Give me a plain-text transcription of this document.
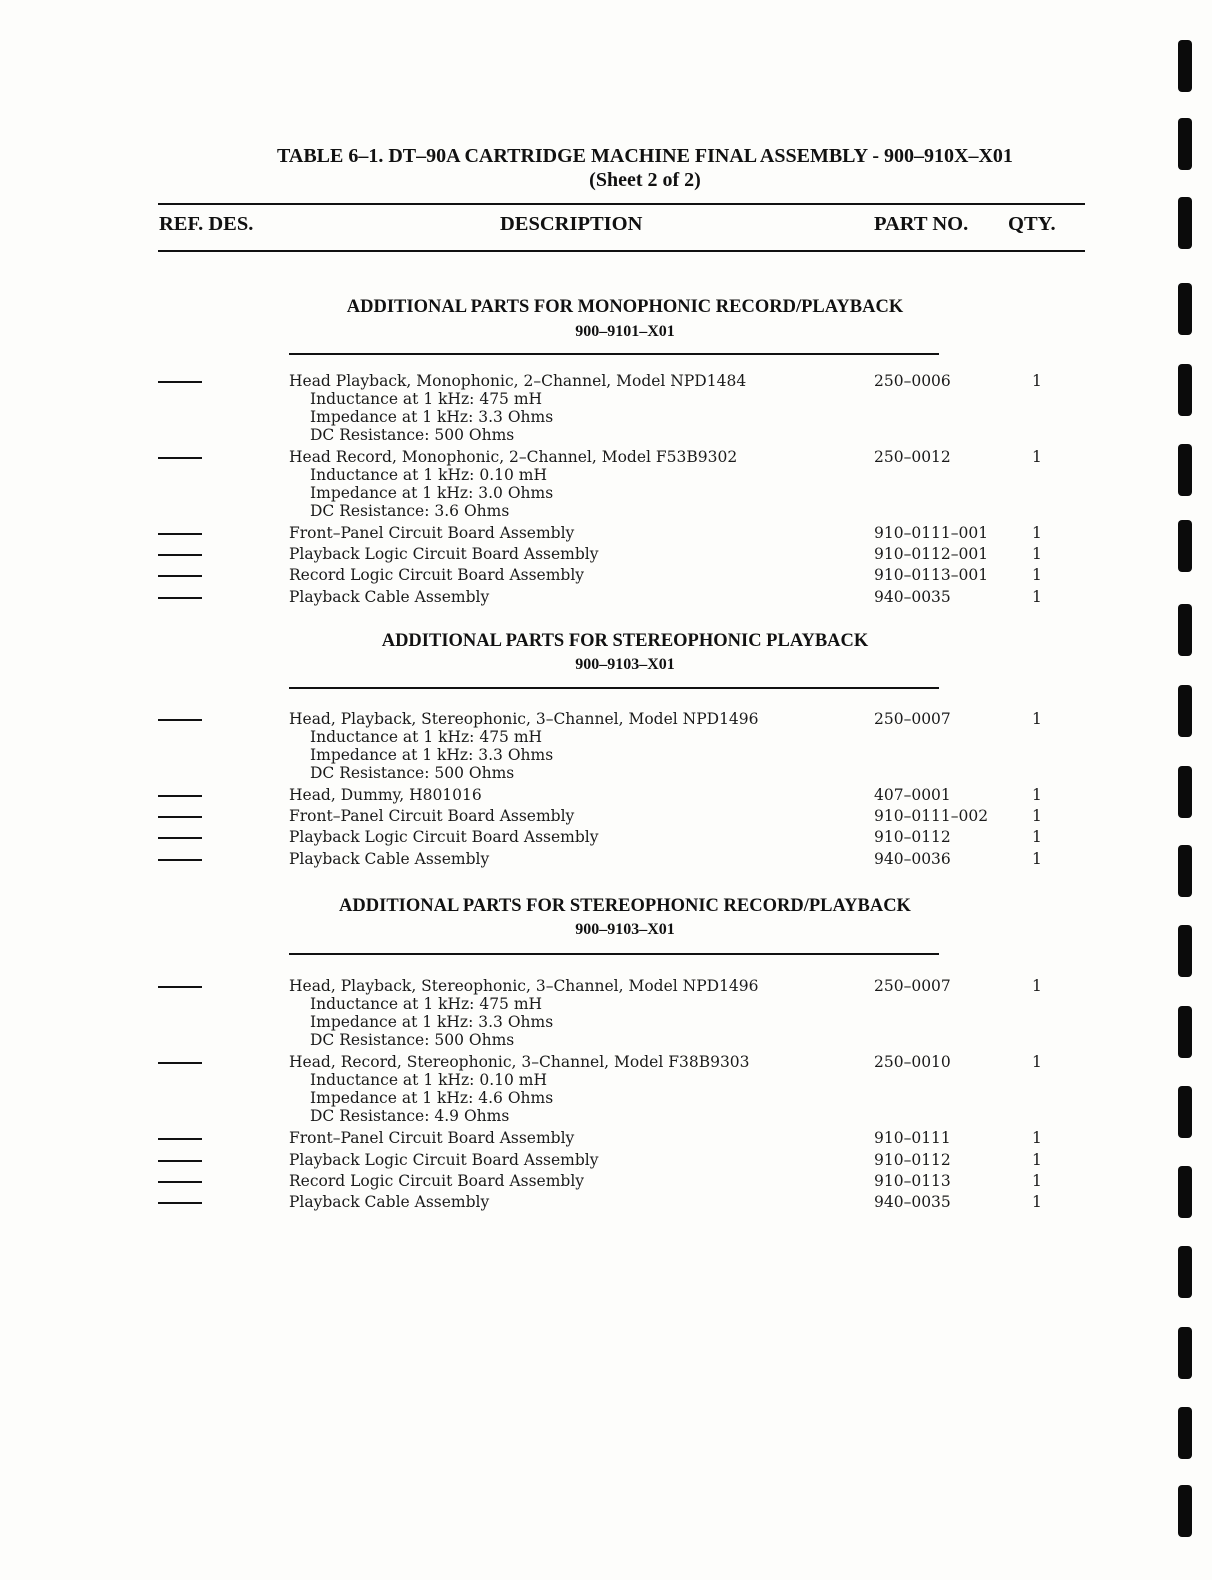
TABLE 6–1. DT–90A CARTRIDGE MACHINE FINAL ASSEMBLY - 900–910X–X01
(Sheet 2 of 2)
REF. DES.	DESCRIPTION	PART NO. QTY.
ADDITIONAL PARTS FOR MONOPHONIC RECORD/PLAYBACK
900–9101–X01
Head Playback, Monophonic, 2–Channel, Model NPD1484	250–0006	1
Inductance at 1 kHz: 475 mH
Impedance at 1 kHz: 3.3 Ohms
DC Resistance: 500 Ohms
Head Record, Monophonic, 2–Channel, Model F53B9302	250–0012	1
Inductance at 1 kHz: 0.10 mH
Impedance at 1 kHz: 3.0 Ohms
DC Resistance: 3.6 Ohms
Front–Panel Circuit Board Assembly	910–0111–001	1
Playback Logic Circuit Board Assembly	910–0112–001	1
Record Logic Circuit Board Assembly	910–0113–001	1
Playback Cable Assembly	940–0035	1
ADDITIONAL PARTS FOR STEREOPHONIC PLAYBACK
900–9103–X01
Head, Playback, Stereophonic, 3–Channel, Model NPD1496	250–0007	1
Inductance at 1 kHz: 475 mH
Impedance at 1 kHz: 3.3 Ohms
DC Resistance: 500 Ohms
Head, Dummy, H801016	407–0001	1
Front–Panel Circuit Board Assembly	910–0111–002	1
Playback Logic Circuit Board Assembly	910–0112	1
Playback Cable Assembly	940–0036	1
ADDITIONAL PARTS FOR STEREOPHONIC RECORD/PLAYBACK
900–9103–X01
Head, Playback, Stereophonic, 3–Channel, Model NPD1496	250–0007	1
Inductance at 1 kHz: 475 mH
Impedance at 1 kHz: 3.3 Ohms
DC Resistance: 500 Ohms
Head, Record, Stereophonic, 3–Channel, Model F38B9303	250–0010	1
Inductance at 1 kHz: 0.10 mH
Impedance at 1 kHz: 4.6 Ohms
DC Resistance: 4.9 Ohms
Front–Panel Circuit Board Assembly	910–0111	1
Playback Logic Circuit Board Assembly	910–0112	1
Record Logic Circuit Board Assembly	910–0113	1
Playback Cable Assembly	940–0035	1
